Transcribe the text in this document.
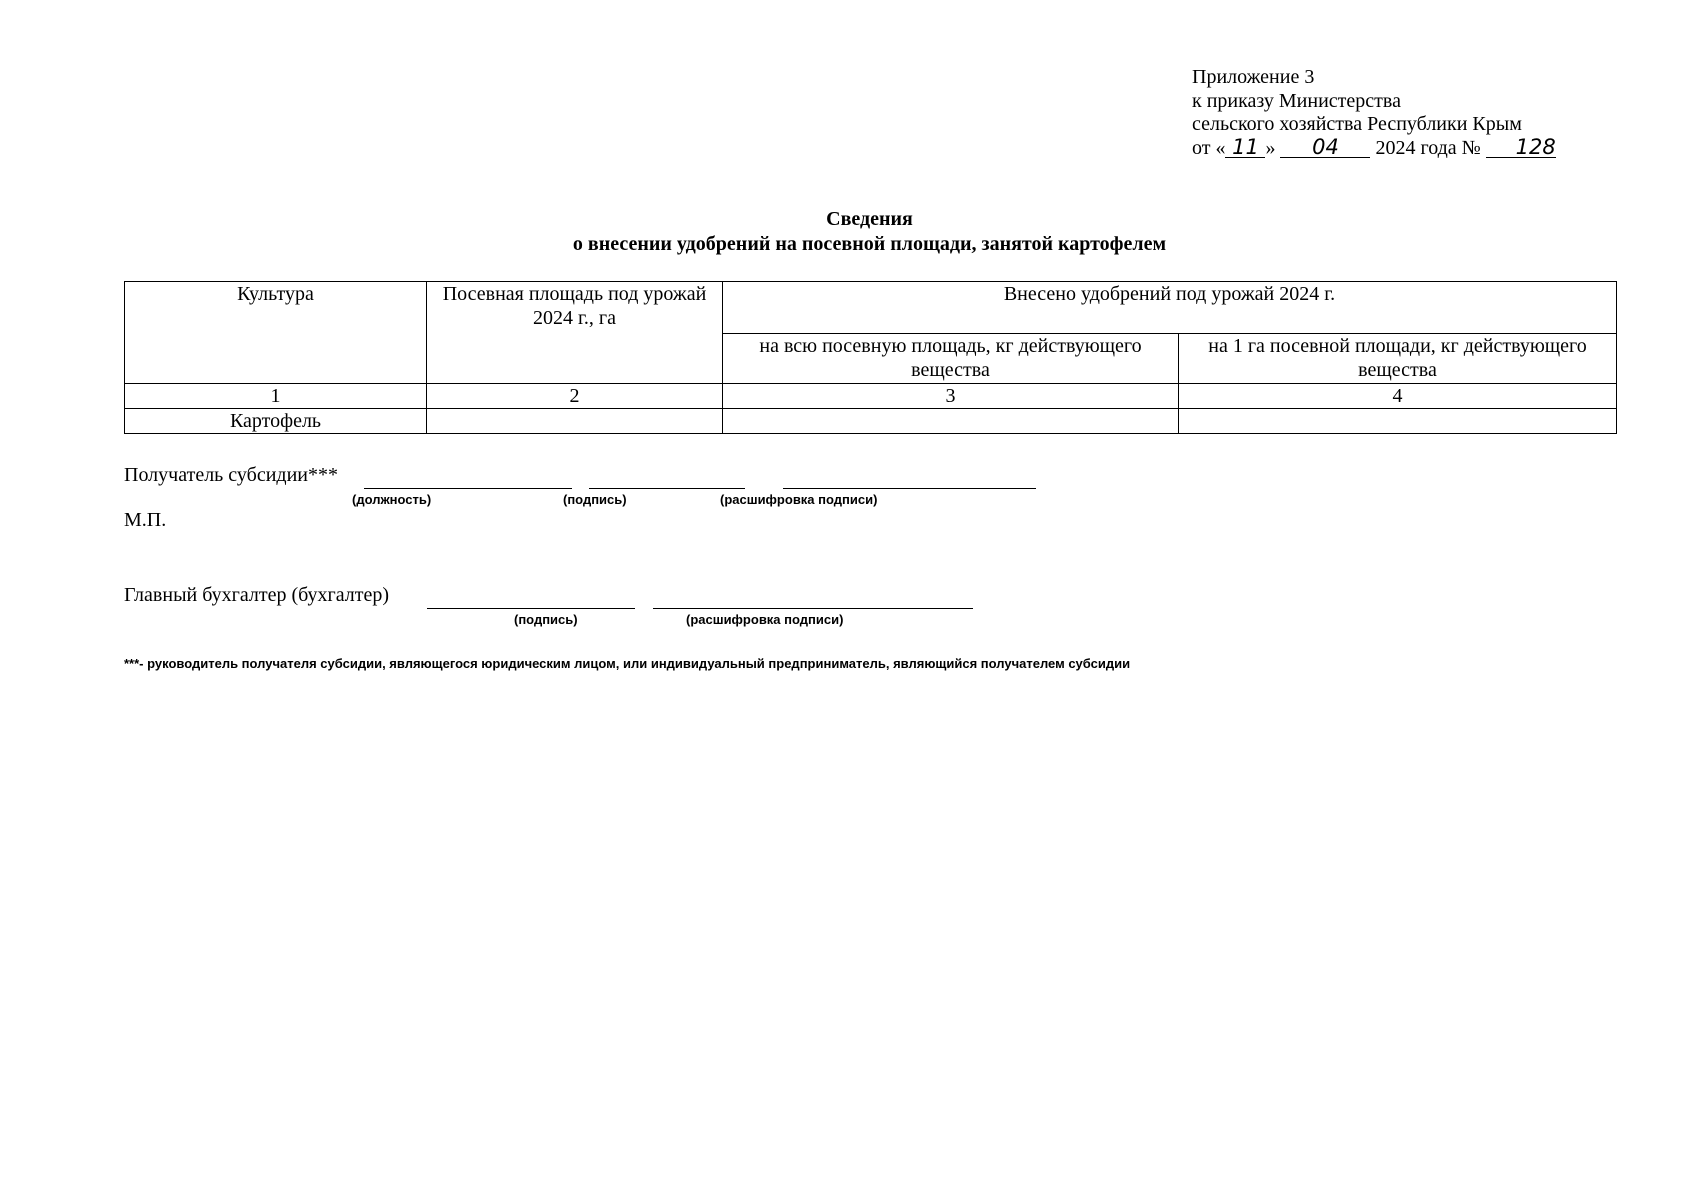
Приложение 3
к приказу Министерства
сельского хозяйства Республики Крым
от « 11 » 04 2024 года № 128
Сведения
о внесении удобрений на посевной площади, занятой картофелем
Культура	Посевная площадь под урожай 2024 г., га	Внесено удобрений под урожай 2024 г.	
		на всю посевную площадь, кг действующего вещества	на 1 га посевной площади, кг действующего вещества
1	2	3	4
Картофель			
Получатель субсидии***
(должность)	(подпись)	(расшифровка подписи)
М.П.
Главный бухгалтер (бухгалтер)
(подпись)	(расшифровка подписи)
***- руководитель получателя субсидии, являющегося юридическим лицом, или индивидуальный предприниматель, являющийся получателем субсидии
